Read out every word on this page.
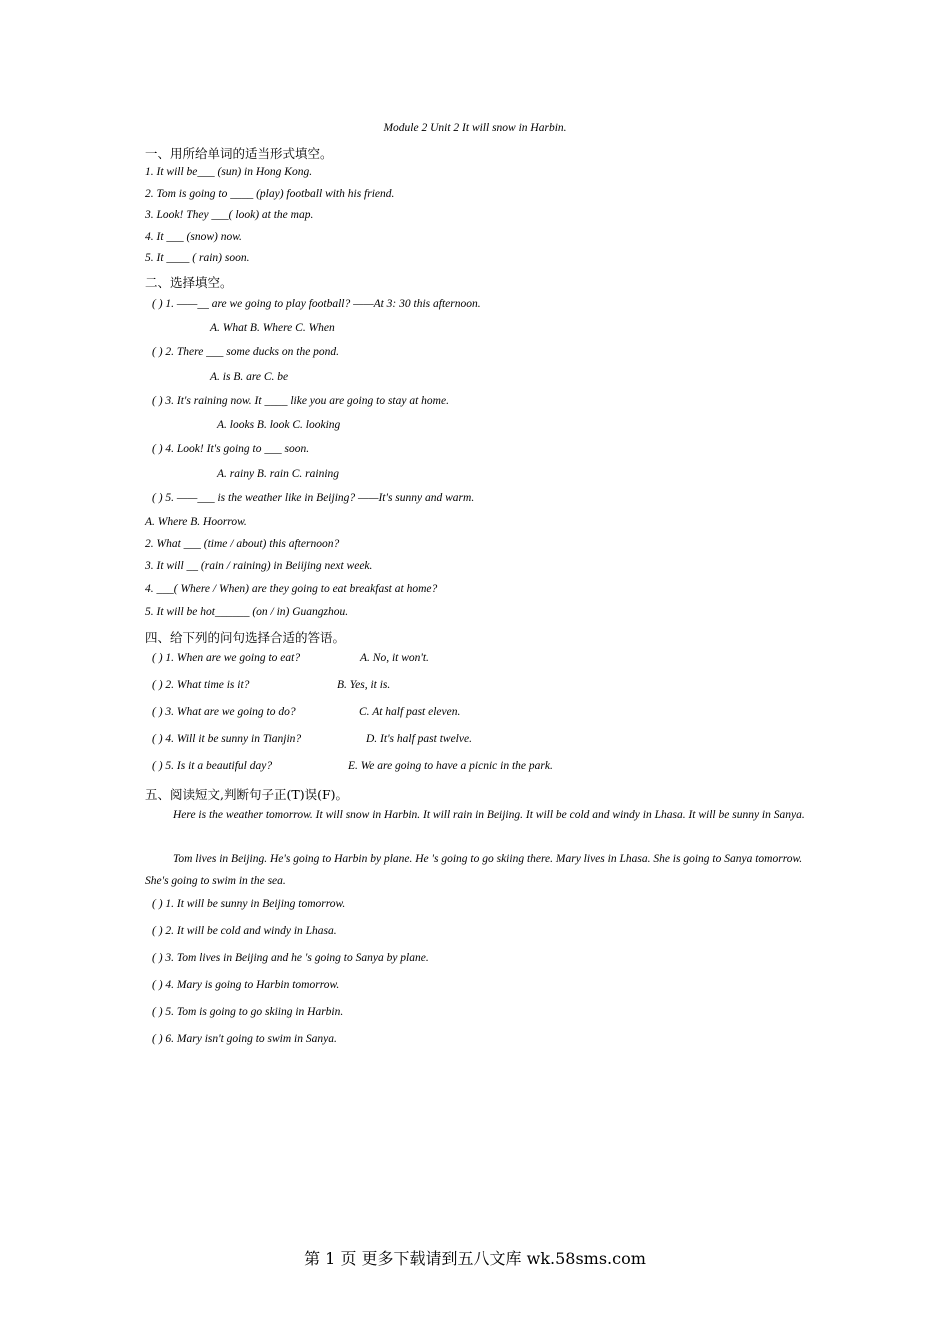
Module 2 Unit 2 It will snow in Harbin.
一、用所给单词的适当形式填空。
1. It will be___ (sun) in Hong Kong.
2. Tom is going to ____ (play) football with his friend.
3. Look! They ___( look) at the map.
4. It ___ (snow) now.
5. It ____ ( rain) soon.
二、选择填空。
( ) 1. ——__ are we going to play football? ——At 3: 30 this afternoon.
A. What B. Where C. When
( ) 2. There ___ some ducks on the pond.
A. is B. are C. be
( ) 3. It's raining now. It ____ like you are going to stay at home.
A. looks B. look C. looking
( ) 4. Look! It's going to ___ soon.
A. rainy B. rain C. raining
( ) 5. ——___ is the weather like in Beijing? ——It's sunny and warm.
A. Where B. Hoorrow.
2. What ___ (time / about) this afternoon?
3. It will __ (rain / raining) in Beiijing next week.
4. ___( Where / When) are they going to eat breakfast at home?
5. It will be hot______ (on / in) Guangzhou.
四、给下列的问句选择合适的答语。
( ) 1. When are we going to eat?	A. No, it won't.
( ) 2. What time is it?	B. Yes, it is.
( ) 3. What are we going to do?	C. At half past eleven.
( ) 4. Will it be sunny in Tianjin?	D. It's half past twelve.
( ) 5. Is it a beautiful day?	E. We are going to have a picnic in the park.
五、阅读短文,判断句子正(T)误(F)。
Here is the weather tomorrow. It will snow in Harbin. It will rain in Beijing. It will be cold and windy in Lhasa. It will be sunny in Sanya.
Tom lives in Beijing. He's going to Harbin by plane. He 's going to go skiing there. Mary lives in Lhasa. She is going to Sanya tomorrow. She's going to swim in the sea.
( ) 1. It will be sunny in Beijing tomorrow.
( ) 2. It will be cold and windy in Lhasa.
( ) 3. Tom lives in Beijing and he 's going to Sanya by plane.
( ) 4. Mary is going to Harbin tomorrow.
( ) 5. Tom is going to go skiing in Harbin.
( ) 6. Mary isn't going to swim in Sanya.
第 1 页 更多下载请到五八文库 wk.58sms.com
